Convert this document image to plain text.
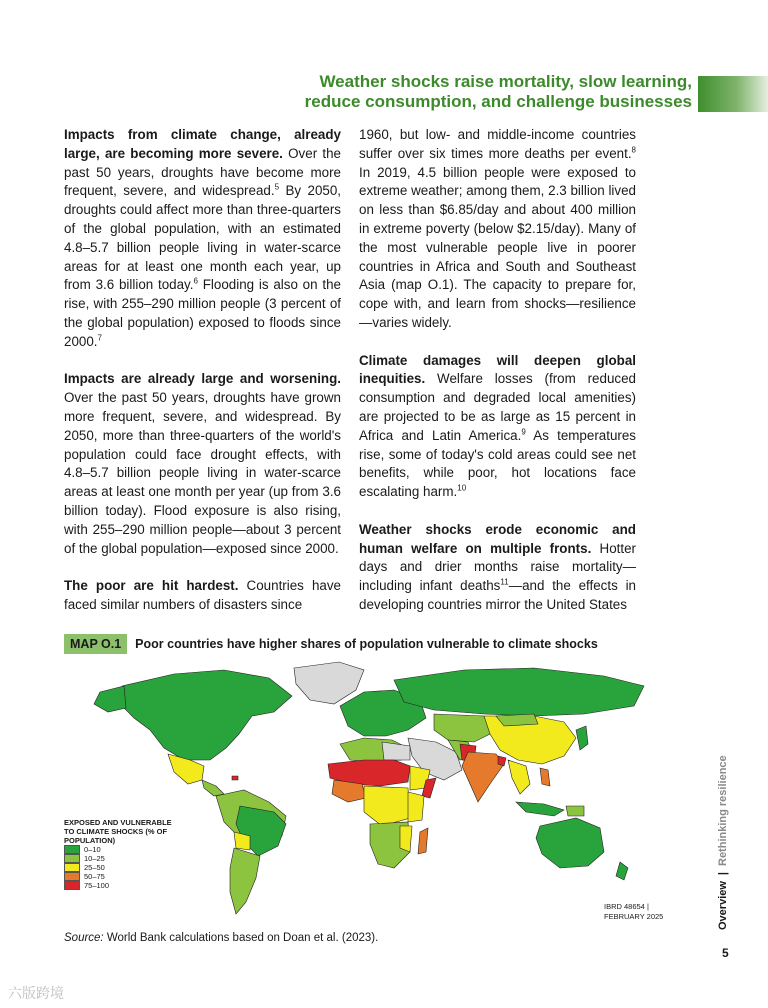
Weather shocks raise mortality, slow learning,
reduce consumption, and challenge businesses

Impacts from climate change, already large, are becoming more severe. Over the past 50 years, droughts have become more frequent, severe, and widespread.$^5$ By 2050, droughts could affect more than three-quarters of the global population, with an estimated 4.8–5.7 billion people living in water-scarce areas for at least one month each year, up from 3.6 billion today.$^6$ Flooding is also on the rise, with 255–290 million people (3 percent of the global population) exposed to floods since 2000.$^7$

Impacts are already large and worsening. Over the past 50 years, droughts have grown more frequent, severe, and widespread. By 2050, more than three-quarters of the world's population could face drought effects, with 4.8–5.7 billion people living in water-scarce areas at least one month per year (up from 3.6 billion today). Flood exposure is also rising, with 255–290 million people—about 3 percent of the global population—exposed since 2000.

The poor are hit hardest. Countries have faced similar numbers of disasters since

1960, but low- and middle-income countries suffer over six times more deaths per event.$^8$ In 2019, 4.5 billion people were exposed to extreme weather; among them, 2.3 billion lived on less than $6.85/day and about 400 million in extreme poverty (below $2.15/day). Many of the most vulnerable people live in poorer countries in Africa and South and Southeast Asia (map O.1). The capacity to prepare for, cope with, and learn from shocks—resilience—varies widely.

Climate damages will deepen global inequities. Welfare losses (from reduced consumption and degraded local amenities) are projected to be as large as 15 percent in Africa and Latin America.$^9$ As temperatures rise, some of today's cold areas could see net benefits, while poor, hot locations face escalating harm.$^{10}$

Weather shocks erode economic and human welfare on multiple fronts. Hotter days and drier months raise mortality—including infant deaths$^{11}$—and the effects in developing countries mirror the United States

MAP O.1	Poor countries have higher shares of population vulnerable to climate shocks
EXPOSED AND VULNERABLE TO CLIMATE SHOCKS (% OF POPULATION)
0–10
10–25
25–50
50–75
75–100
IBRD 48654 |
FEBRUARY 2025
Source: World Bank calculations based on Doan et al. (2023).
Overview|Rethinking resilience
5
六版跨境
